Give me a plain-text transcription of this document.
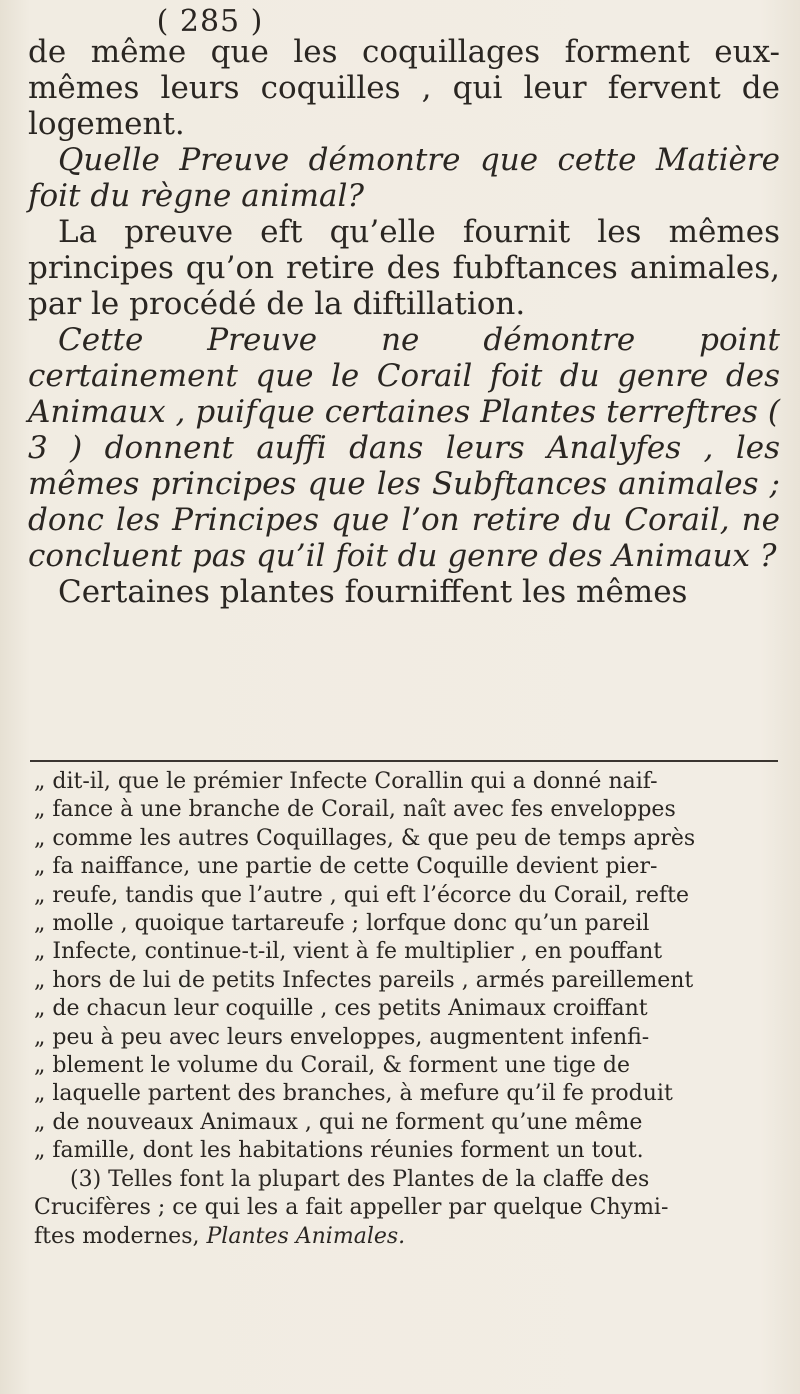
( 285 )

de même que les coquillages forment eux-mêmes leurs coquilles , qui leur fervent de logement.

Quelle Preuve démontre que cette Matière foit du règne animal?

La preuve eft qu’elle fournit les mêmes principes qu’on retire des fubftances animales, par le procédé de la diftillation.

Cette Preuve ne démontre point certainement que le Corail foit du genre des Animaux , puifque certaines Plantes terreftres ( 3 ) donnent auffi dans leurs Analyfes , les mêmes principes que les Subftances animales ; donc les Principes que l’on retire du Corail, ne concluent pas qu’il foit du genre des Animaux ?

Certaines plantes fourniffent les mêmes

„ dit-il, que le prémier Infecte Corallin qui a donné naif-
„ fance à une branche de Corail, naît avec fes enveloppes
„ comme les autres Coquillages, & que peu de temps après
„ fa naiffance, une partie de cette Coquille devient pier-
„ reufe, tandis que l’autre , qui eft l’écorce du Corail, refte
„ molle , quoique tartareufe ; lorfque donc qu’un pareil
„ Infecte, continue-t-il, vient à fe multiplier , en pouffant
„ hors de lui de petits Infectes pareils , armés pareillement
„ de chacun leur coquille , ces petits Animaux croiffant
„ peu à peu avec leurs enveloppes, augmentent infenfi-
„ blement le volume du Corail, & forment une tige de
„ laquelle partent des branches, à mefure qu’il fe produit
„ de nouveaux Animaux , qui ne forment qu’une même
„ famille, dont les habitations réunies forment un tout.
(3) Telles font la plupart des Plantes de la claffe des
Crucifères ; ce qui les a fait appeller par quelque Chymi-
ftes modernes, Plantes Animales.
